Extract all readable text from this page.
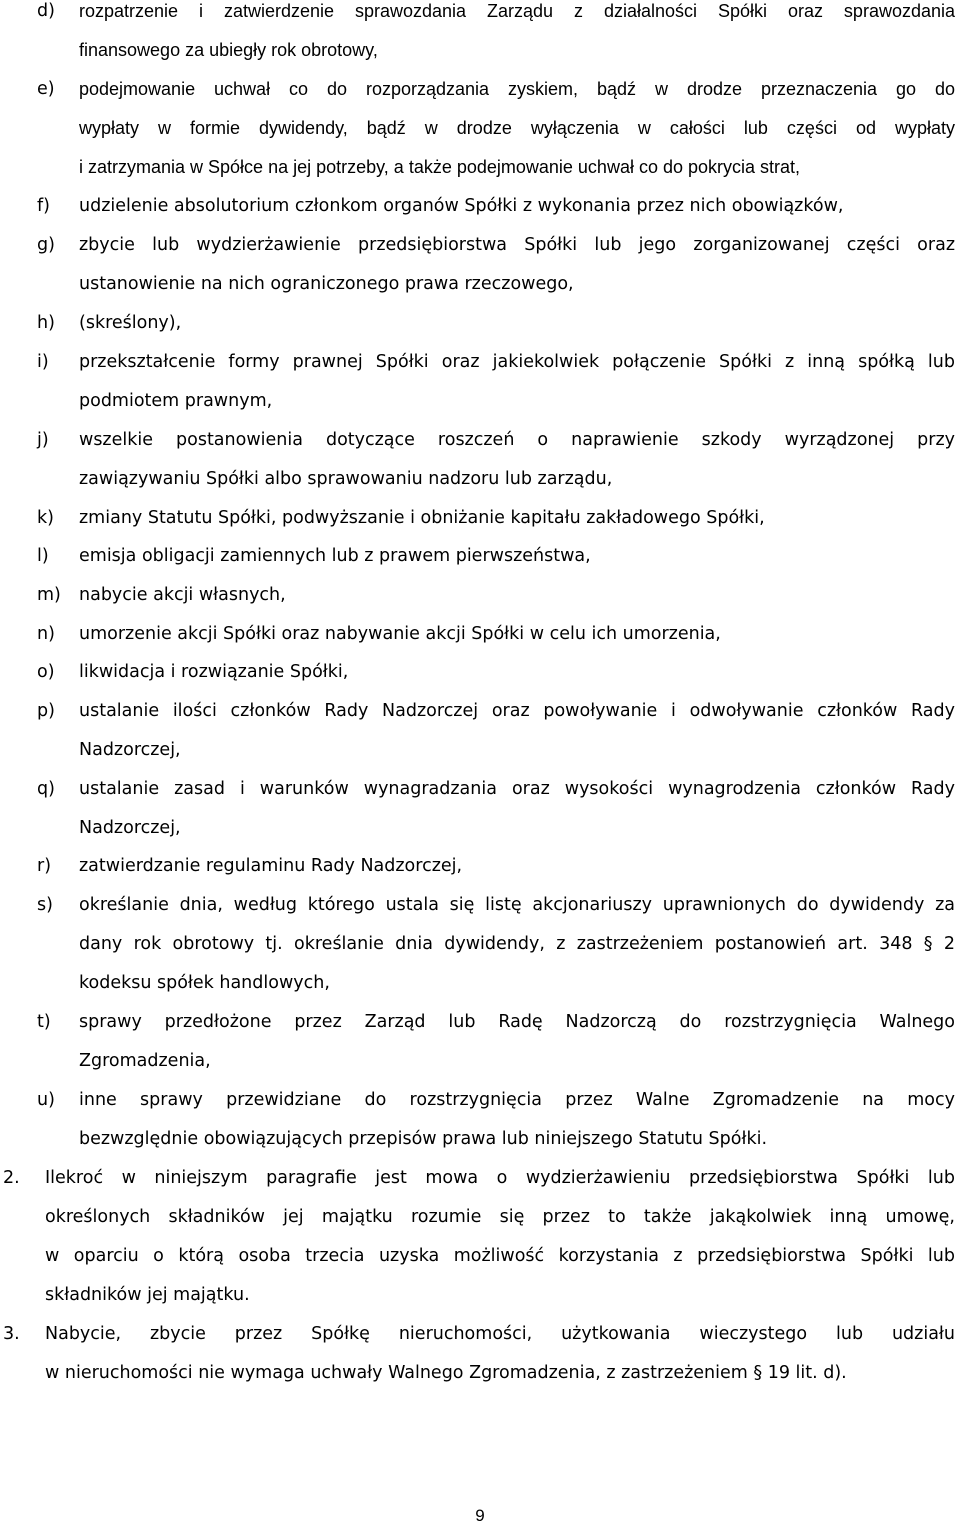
d)	rozpatrzenie i zatwierdzenie sprawozdania Zarządu z działalności Spółki oraz sprawozdania
finansowego za ubiegły rok obrotowy,
e)	podejmowanie uchwał co do rozporządzania zyskiem, bądź w drodze przeznaczenia go do
wypłaty w formie dywidendy, bądź w drodze wyłączenia w całości lub części od wypłaty
i zatrzymania w Spółce na jej potrzeby, a także podejmowanie uchwał co do pokrycia strat,
f)	udzielenie absolutorium członkom organów Spółki z wykonania przez nich obowiązków,
g)	zbycie lub wydzierżawienie przedsiębiorstwa Spółki lub jego zorganizowanej części oraz
ustanowienie na nich ograniczonego prawa rzeczowego,
h)	(skreślony),
i)	przekształcenie formy prawnej Spółki oraz jakiekolwiek połączenie Spółki z inną spółką lub
podmiotem prawnym,
j)	wszelkie postanowienia dotyczące roszczeń o naprawienie szkody wyrządzonej przy
zawiązywaniu Spółki albo sprawowaniu nadzoru lub zarządu,
k)	zmiany Statutu Spółki, podwyższanie i obniżanie kapitału zakładowego Spółki,
l)	emisja obligacji zamiennych lub z prawem pierwszeństwa,
m)	nabycie akcji własnych,
n)	umorzenie akcji Spółki oraz nabywanie akcji Spółki w celu ich umorzenia,
o)	likwidacja i rozwiązanie Spółki,
p)	ustalanie ilości członków Rady Nadzorczej oraz powoływanie i odwoływanie członków Rady
Nadzorczej,
q)	ustalanie zasad i warunków wynagradzania oraz wysokości wynagrodzenia członków Rady
Nadzorczej,
r)	zatwierdzanie regulaminu Rady Nadzorczej,
s)	określanie dnia, według którego ustala się listę akcjonariuszy uprawnionych do dywidendy za
dany rok obrotowy tj. określanie dnia dywidendy, z zastrzeżeniem postanowień art. 348 § 2
kodeksu spółek handlowych,
t)	sprawy przedłożone przez Zarząd lub Radę Nadzorczą do rozstrzygnięcia Walnego
Zgromadzenia,
u)	inne sprawy przewidziane do rozstrzygnięcia przez Walne Zgromadzenie na mocy
bezwzględnie obowiązujących przepisów prawa lub niniejszego Statutu Spółki.
2.	Ilekroć w niniejszym paragrafie jest mowa o wydzierżawieniu przedsiębiorstwa Spółki lub
określonych składników jej majątku rozumie się przez to także jakąkolwiek inną umowę,
w oparciu o którą osoba trzecia uzyska możliwość korzystania z przedsiębiorstwa Spółki lub
składników jej majątku.
3.	Nabycie, zbycie przez Spółkę nieruchomości, użytkowania wieczystego lub udziału
w nieruchomości nie wymaga uchwały Walnego Zgromadzenia, z zastrzeżeniem § 19 lit. d).
9
